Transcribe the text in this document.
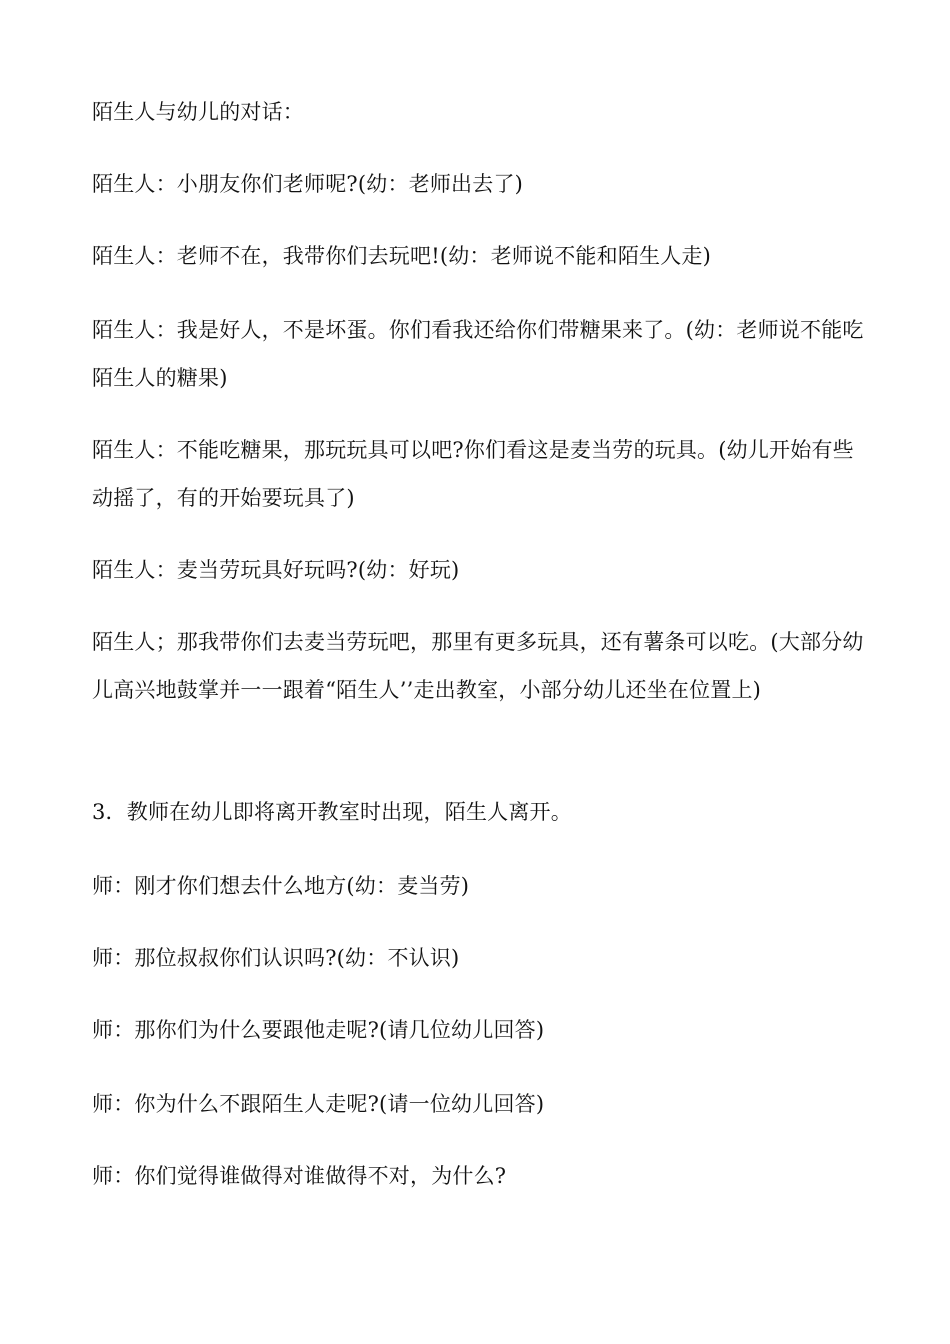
陌生人与幼儿的对话：

陌生人：小朋友你们老师呢?(幼：老师出去了)

陌生人：老师不在，我带你们去玩吧!(幼：老师说不能和陌生人走)

陌生人：我是好人，不是坏蛋。你们看我还给你们带糖果来了。(幼：老师说不能吃陌生人的糖果)

陌生人：不能吃糖果，那玩玩具可以吧?你们看这是麦当劳的玩具。(幼儿开始有些动摇了，有的开始要玩具了)

陌生人：麦当劳玩具好玩吗?(幼：好玩)

陌生人；那我带你们去麦当劳玩吧，那里有更多玩具，还有薯条可以吃。(大部分幼儿高兴地鼓掌并一一跟着“陌生人’’走出教室，小部分幼儿还坐在位置上)

3．教师在幼儿即将离开教室时出现，陌生人离开。

师：刚才你们想去什么地方(幼：麦当劳)

师：那位叔叔你们认识吗?(幼：不认识)

师：那你们为什么要跟他走呢?(请几位幼儿回答)

师：你为什么不跟陌生人走呢?(请一位幼儿回答)

师：你们觉得谁做得对谁做得不对，为什么?
